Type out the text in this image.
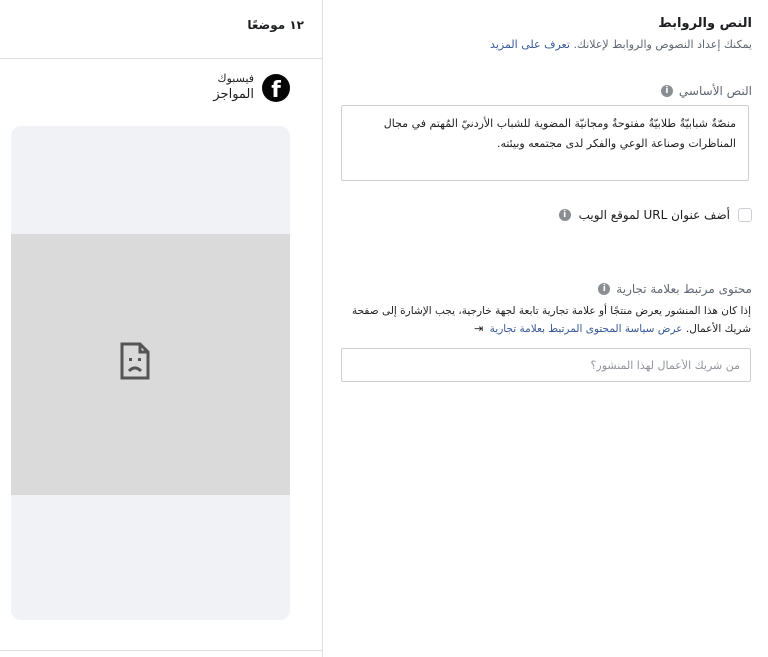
١٢ موضعًا
f
فيسبوك
المواجز
النص والروابط
يمكنك إعداد النصوص والروابط لإعلانك. تعرف على المزيد
النص الأساسي
i
منصّةٌ شبابيّةٌ طلابيّةٌ مفتوحةٌ ومجانيّة المضوية للشباب الأردنيّ المُهتم في مجال المناظرات وصناعة الوعي والفكر لدى مجتمعه وبيئته.
أضف عنوان URL لموقع الويب
i
محتوى مرتبط بعلامة تجارية
i
إذا كان هذا المنشور يعرض منتجًا أو علامة تجارية تابعة لجهة خارجية، يجب الإشارة إلى صفحة شريك الأعمال. عرض سياسة المحتوى المرتبط بعلامة تجارية ⇥
من شريك الأعمال لهذا المنشور؟
